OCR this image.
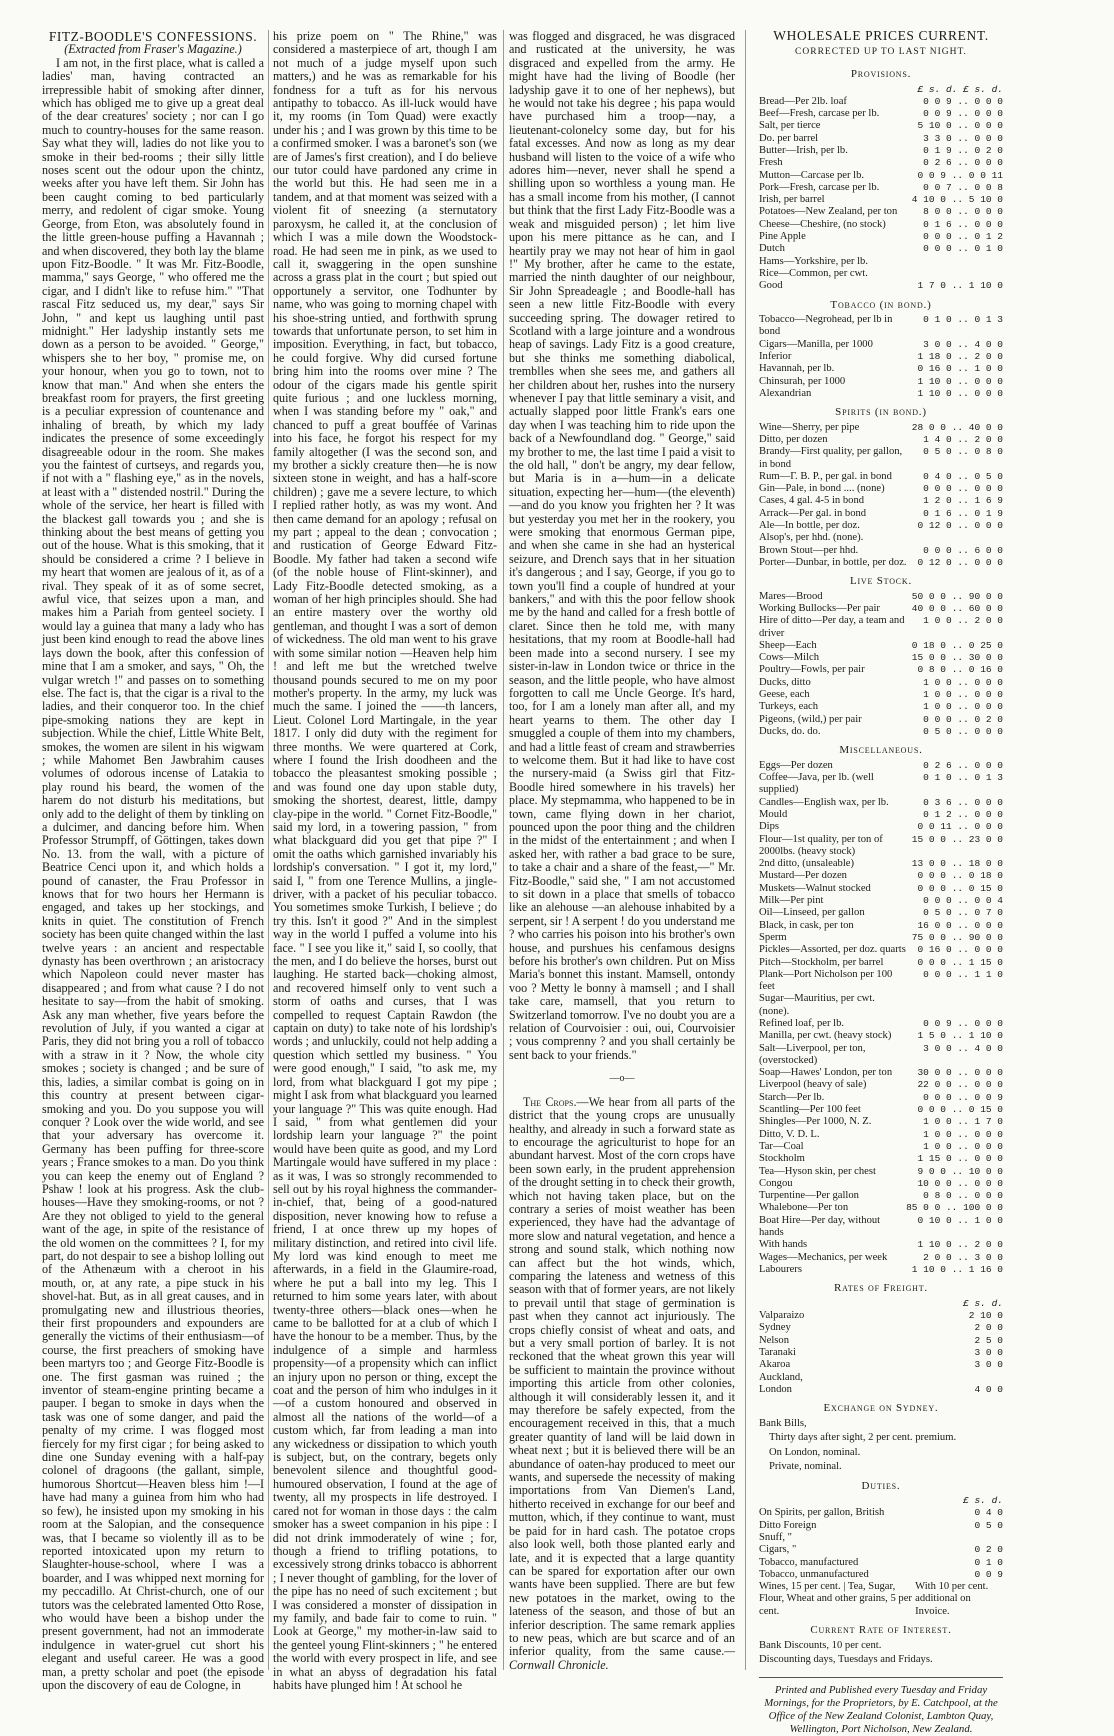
FITZ-BOODLE'S CONFESSIONS.

(Extracted from Fraser's Magazine.)

I am not, in the first place, what is called a ladies' man, having contracted an irrepressible habit of smoking after dinner, which has obliged me to give up a great deal of the dear creatures' society ; nor can I go much to country-houses for the same reason. Say what they will, ladies do not like you to smoke in their bed-rooms ; their silly little noses scent out the odour upon the chintz, weeks after you have left them. Sir John has been caught coming to bed particularly merry, and redolent of cigar smoke. Young George, from Eton, was absolutely found in the little green-house puffing a Havannah ; and when discovered, they both lay the blame upon Fitz-Boodle. " It was Mr. Fitz-Boodle, mamma," says George, " who offered me the cigar, and I didn't like to refuse him." "That rascal Fitz seduced us, my dear," says Sir John, " and kept us laughing until past midnight." Her ladyship instantly sets me down as a person to be avoided. " George," whispers she to her boy, " promise me, on your honour, when you go to town, not to know that man." And when she enters the breakfast room for prayers, the first greeting is a peculiar expression of countenance and inhaling of breath, by which my lady indicates the presence of some exceedingly disagreeable odour in the room. She makes you the faintest of curtseys, and regards you, if not with a " flashing eye," as in the novels, at least with a " distended nostril." During the whole of the service, her heart is filled with the blackest gall towards you ; and she is thinking about the best means of getting you out of the house. What is this smoking, that it should be considered a crime ? I believe in my heart that women are jealous of it, as of a rival. They speak of it as of some secret, awful vice, that seizes upon a man, and makes him a Pariah from genteel society. I would lay a guinea that many a lady who has just been kind enough to read the above lines lays down the book, after this confession of mine that I am a smoker, and says, " Oh, the vulgar wretch !" and passes on to something else. The fact is, that the cigar is a rival to the ladies, and their conqueror too. In the chief pipe-smoking nations they are kept in subjection. While the chief, Little White Belt, smokes, the women are silent in his wigwam ; while Mahomet Ben Jawbrahim causes volumes of odorous incense of Latakia to play round his beard, the women of the harem do not disturb his meditations, but only add to the delight of them by tinkling on a dulcimer, and dancing before him. When Professor Strumpff, of Göttingen, takes down No. 13. from the wall, with a picture of Beatrice Cenci upon it, and which holds a pound of canaster, the Frau Professor in knows that for two hours her Hermann is engaged, and takes up her stockings, and knits in quiet. The constitution of French society has been quite changed within the last twelve years : an ancient and respectable dynasty has been overthrown ; an aristocracy which Napoleon could never master has disappeared ; and from what cause ? I do not hesitate to say—from the habit of smoking. Ask any man whether, five years before the revolution of July, if you wanted a cigar at Paris, they did not bring you a roll of tobacco with a straw in it ? Now, the whole city smokes ; society is changed ; and be sure of this, ladies, a similar combat is going on in this country at present between cigar-smoking and you. Do you suppose you will conquer ? Look over the wide world, and see that your adversary has overcome it. Germany has been puffing for three-score years ; France smokes to a man. Do you think you can keep the enemy out of England ? Pshaw ! look at his progress. Ask the club-houses—Have they smoking-rooms, or not ? Are they not obliged to yield to the general want of the age, in spite of the resistance of the old women on the committees ? I, for my part, do not despair to see a bishop lolling out of the Athenæum with a cheroot in his mouth, or, at any rate, a pipe stuck in his shovel-hat. But, as in all great causes, and in promulgating new and illustrious theories, their first propounders and expounders are generally the victims of their enthusiasm—of course, the first preachers of smoking have been martyrs too ; and George Fitz-Boodle is one. The first gasman was ruined ; the inventor of steam-engine printing became a pauper. I began to smoke in days when the task was one of some danger, and paid the penalty of my crime. I was flogged most fiercely for my first cigar ; for being asked to dine one Sunday evening with a half-pay colonel of dragoons (the gallant, simple, humorous Shortcut—Heaven bless him !—I have had many a guinea from him who had so few), he insisted upon my smoking in his room at the Salopian, and the consequence was, that I became so violently ill as to be reported intoxicated upon my return to Slaughter-house-school, where I was a boarder, and I was whipped next morning for my peccadillo. At Christ-church, one of our tutors was the celebrated lamented Otto Rose, who would have been a bishop under the present government, had not an immoderate indulgence in water-gruel cut short his elegant and useful career. He was a good man, a pretty scholar and poet (the episode upon the discovery of eau de Cologne, in

his prize poem on " The Rhine," was considered a masterpiece of art, though I am not much of a judge myself upon such matters,) and he was as remarkable for his fondness for a tuft as for his nervous antipathy to tobacco. As ill-luck would have it, my rooms (in Tom Quad) were exactly under his ; and I was grown by this time to be a confirmed smoker. I was a baronet's son (we are of James's first creation), and I do believe our tutor could have pardoned any crime in the world but this. He had seen me in a tandem, and at that moment was seized with a violent fit of sneezing (a sternutatory paroxysm, he called it, at the conclusion of which I was a mile down the Woodstock-road. He had seen me in pink, as we used to call it, swaggering in the open sunshine across a grass plat in the court ; but spied out opportunely a servitor, one Todhunter by name, who was going to morning chapel with his shoe-string untied, and forthwith sprung towards that unfortunate person, to set him in imposition. Everything, in fact, but tobacco, he could forgive. Why did cursed fortune bring him into the rooms over mine ? The odour of the cigars made his gentle spirit quite furious ; and one luckless morning, when I was standing before my " oak," and chanced to puff a great bouffée of Varinas into his face, he forgot his respect for my family altogether (I was the second son, and my brother a sickly creature then—he is now sixteen stone in weight, and has a half-score children) ; gave me a severe lecture, to which I replied rather hotly, as was my wont. And then came demand for an apology ; refusal on my part ; appeal to the dean ; convocation ; and rustication of George Edward Fitz-Boodle. My father had taken a second wife (of the noble house of Flint-skinner), and Lady Fitz-Boodle detected smoking, as a woman of her high principles should. She had an entire mastery over the worthy old gentleman, and thought I was a sort of demon of wickedness. The old man went to his grave with some similar notion —Heaven help him ! and left me but the wretched twelve thousand pounds secured to me on my poor mother's property. In the army, my luck was much the same. I joined the ——th lancers, Lieut. Colonel Lord Martingale, in the year 1817. I only did duty with the regiment for three months. We were quartered at Cork, where I found the Irish doodheen and the tobacco the pleasantest smoking possible ; and was found one day upon stable duty, smoking the shortest, dearest, little, dampy clay-pipe in the world. " Cornet Fitz-Boodle," said my lord, in a towering passion, " from what blackguard did you get that pipe ?" I omit the oaths which garnished invariably his lordship's conversation. " I got it, my lord," said I, " from one Terence Mullins, a jingle-driver, with a packet of his peculiar tobacco. You sometimes smoke Turkish, I believe ; do try this. Isn't it good ?" And in the simplest way in the world I puffed a volume into his face. " I see you like it," said I, so coolly, that the men, and I do believe the horses, burst out laughing. He started back—choking almost, and recovered himself only to vent such a storm of oaths and curses, that I was compelled to request Captain Rawdon (the captain on duty) to take note of his lordship's words ; and unluckily, could not help adding a question which settled my business. " You were good enough," I said, "to ask me, my lord, from what blackguard I got my pipe ; might I ask from what blackguard you learned your language ?" This was quite enough. Had I said, " from what gentlemen did your lordship learn your language ?" the point would have been quite as good, and my Lord Martingale would have suffered in my place : as it was, I was so strongly recommended to sell out by his royal highness the commander-in-chief, that, being of a good-natured disposition, never knowing how to refuse a friend, I at once threw up my hopes of military distinction, and retired into civil life. My lord was kind enough to meet me afterwards, in a field in the Glaumire-road, where he put a ball into my leg. This I returned to him some years later, with about twenty-three others—black ones—when he came to be ballotted for at a club of which I have the honour to be a member. Thus, by the indulgence of a simple and harmless propensity—of a propensity which can inflict an injury upon no person or thing, except the coat and the person of him who indulges in it—of a custom honoured and observed in almost all the nations of the world—of a custom which, far from leading a man into any wickedness or dissipation to which youth is subject, but, on the contrary, begets only benevolent silence and thoughtful good-humoured observation, I found at the age of twenty, all my prospects in life destroyed. I cared not for woman in those days : the calm smoker has a sweet companion in his pipe : I did not drink immoderately of wine ; for, though a friend to trifling potations, to excessively strong drinks tobacco is abhorrent ; I never thought of gambling, for the lover of the pipe has no need of such excitement ; but I was considered a monster of dissipation in my family, and bade fair to come to ruin. " Look at George," my mother-in-law said to the genteel young Flint-skinners ; " he entered the world with every prospect in life, and see in what an abyss of degradation his fatal habits have plunged him ! At school he

was flogged and disgraced, he was disgraced and rusticated at the university, he was disgraced and expelled from the army. He might have had the living of Boodle (her ladyship gave it to one of her nephews), but he would not take his degree ; his papa would have purchased him a troop—nay, a lieutenant-colonelcy some day, but for his fatal excesses. And now as long as my dear husband will listen to the voice of a wife who adores him—never, never shall he spend a shilling upon so worthless a young man. He has a small income from his mother, (I cannot but think that the first Lady Fitz-Boodle was a weak and misguided person) ; let him live upon his mere pittance as he can, and I heartily pray we may not hear of him in gaol !" My brother, after he came to the estate, married the ninth daughter of our neighbour, Sir John Spreadeagle ; and Boodle-hall has seen a new little Fitz-Boodle with every succeeding spring. The dowager retired to Scotland with a large jointure and a wondrous heap of savings. Lady Fitz is a good creature, but she thinks me something diabolical, tremblles when she sees me, and gathers all her children about her, rushes into the nursery whenever I pay that little seminary a visit, and actually slapped poor little Frank's ears one day when I was teaching him to ride upon the back of a Newfoundland dog. " George," said my brother to me, the last time I paid a visit to the old hall, " don't be angry, my dear fellow, but Maria is in a—hum—in a delicate situation, expecting her—hum—(the eleventh) —and do you know you frighten her ? It was but yesterday you met her in the rookery, you were smoking that enormous German pipe, and when she came in she had an hysterical seizure, and Drench says that in her situation it's dangerous ; and I say, George, if you go to town you'll find a couple of hundred at your bankers," and with this the poor fellow shook me by the hand and called for a fresh bottle of claret. Since then he told me, with many hesitations, that my room at Boodle-hall had been made into a second nursery. I see my sister-in-law in London twice or thrice in the season, and the little people, who have almost forgotten to call me Uncle George. It's hard, too, for I am a lonely man after all, and my heart yearns to them. The other day I smuggled a couple of them into my chambers, and had a little feast of cream and strawberries to welcome them. But it had like to have cost the nursery-maid (a Swiss girl that Fitz-Boodle hired somewhere in his travels) her place. My stepmamma, who happened to be in town, came flying down in her chariot, pounced upon the poor thing and the children in the midst of the entertainment ; and when I asked her, with rather a bad grace to be sure, to take a chair and a share of the feast,—" Mr. Fitz-Boodle," said she, " I am not accustomed to sit down in a place that smells of tobacco like an alehouse —an alehouse inhabited by a serpent, sir ! A serpent ! do you understand me ? who carries his poison into his brother's own house, and purshues his cenfamous designs before his brother's own children. Put on Miss Maria's bonnet this instant. Mamsell, ontondy voo ? Metty le bonny à mamsell ; and I shall take care, mamsell, that you return to Switzerland tomorrow. I've no doubt you are a relation of Courvoisier : oui, oui, Courvoisier ; vous comprenny ? and you shall certainly be sent back to your friends."

—o—

The Crops.—We hear from all parts of the district that the young crops are unusually healthy, and already in such a forward state as to encourage the agriculturist to hope for an abundant harvest. Most of the corn crops have been sown early, in the prudent apprehension of the drought setting in to check their growth, which not having taken place, but on the contrary a series of moist weather has been experienced, they have had the advantage of more slow and natural vegetation, and hence a strong and sound stalk, which nothing now can affect but the hot winds, which, comparing the lateness and wetness of this season with that of former years, are not likely to prevail until that stage of germination is past when they cannot act injuriously. The crops chiefly consist of wheat and oats, and but a very small portion of barley. It is not reckoned that the wheat grown this year will be sufficient to maintain the province without importing this article from other colonies, although it will considerably lessen it, and it may therefore be safely expected, from the encouragement received in this, that a much greater quantity of land will be laid down in wheat next ; but it is believed there will be an abundance of oaten-hay produced to meet our wants, and supersede the necessity of making importations from Van Diemen's Land, hitherto received in exchange for our beef and mutton, which, if they continue to want, must be paid for in hard cash. The potatoe crops also look well, both those planted early and late, and it is expected that a large quantity can be spared for exportation after our own wants have been supplied. There are but few new potatoes in the market, owing to the lateness of the season, and those of but an inferior description. The same remark applies to new peas, which are but scarce and of an inferior quality, from the same cause.—Cornwall Chronicle.

WHOLESALE PRICES CURRENT.
CORRECTED UP TO LAST NIGHT.
Provisions.
	£ s. d. £ s. d.
Bread—Per 2lb. loaf	0 0 9 .. 0 0 0
Beef—Fresh, carcase per lb.	0 0 9 .. 0 0 0
Salt, per tierce	5 10 0 .. 0 0 0
Do. per barrel	3 3 0 .. 0 0 0
Butter—Irish, per lb.	0 1 9 .. 0 2 0
Fresh	0 2 6 .. 0 0 0
Mutton—Carcase per lb.	0 0 9 .. 0 0 11
Pork—Fresh, carcase per lb.	0 0 7 .. 0 0 8
Irish, per barrel	4 10 0 .. 5 10 0
Potatoes—New Zealand, per ton	8 0 0 .. 0 0 0
Cheese—Cheshire, (no stock)	0 1 6 .. 0 0 0
Pine Apple	0 0 0 .. 0 1 2
Dutch	0 0 0 .. 0 1 0
Hams—Yorkshire, per lb.	
Rice—Common, per cwt.	
Good	1 7 0 .. 1 10 0
Tobacco (in bond.)
Tobacco—Negrohead, per lb in bond	0 1 0 .. 0 1 3
Cigars—Manilla, per 1000	3 0 0 .. 4 0 0
Inferior	1 18 0 .. 2 0 0
Havannah, per lb.	0 16 0 .. 1 0 0
Chinsurah, per 1000	1 10 0 .. 0 0 0
Alexandrian	1 10 0 .. 0 0 0
Spirits (in bond.)
Wine—Sherry, per pipe	28 0 0 .. 40 0 0
Ditto, per dozen	1 4 0 .. 2 0 0
Brandy—First quality, per gallon, in bond	0 5 0 .. 0 8 0
Rum—Γ. B. P., per gal. in bond	0 4 0 .. 0 5 0
Gin—Pale, in bond .... (none)	0 0 0 .. 0 0 0
Cases, 4 gal. 4-5 in bond	1 2 0 .. 1 6 9
Arrack—Per gal. in bond	0 1 6 .. 0 1 9
Ale—In bottle, per doz.	0 12 0 .. 0 0 0
Alsop's, per hhd. (none).	
Brown Stout—per hhd.	0 0 0 .. 6 0 0
Porter—Dunbar, in bottle, per doz.	0 12 0 .. 0 0 0
Live Stock.
Mares—Brood	50 0 0 .. 90 0 0
Working Bullocks—Per pair	40 0 0 .. 60 0 0
Hire of ditto—Per day, a team and driver	1 0 0 .. 2 0 0
Sheep—Each	0 18 0 .. 0 25 0
Cows—Milch	15 0 0 .. 30 0 0
Poultry—Fowls, per pair	0 8 0 .. 0 16 0
Ducks, ditto	1 0 0 .. 0 0 0
Geese, each	1 0 0 .. 0 0 0
Turkeys, each	1 0 0 .. 0 0 0
Pigeons, (wild,) per pair	0 0 0 .. 0 2 0
Ducks, do. do.	0 5 0 .. 0 0 0
Miscellaneous.
Eggs—Per dozen	0 2 6 .. 0 0 0
Coffee—Java, per lb. (well supplied)	0 1 0 .. 0 1 3
Candles—English wax, per lb.	0 3 6 .. 0 0 0
Mould	0 1 2 .. 0 0 0
Dips	0 0 11 .. 0 0 0
Flour—1st quality, per ton of 2000lbs. (heavy stock)	15 0 0 .. 23 0 0
2nd ditto, (unsaleable)	13 0 0 .. 18 0 0
Mustard—Per dozen	0 0 0 .. 0 18 0
Muskets—Walnut stocked	0 0 0 .. 0 15 0
Milk—Per pint	0 0 0 .. 0 0 4
Oil—Linseed, per gallon	0 5 0 .. 0 7 0
Black, in cask, per ton	16 0 0 .. 0 0 0
Sperm	75 0 0 .. 90 0 0
Pickles—Assorted, per doz. quarts	0 16 0 .. 0 0 0
Pitch—Stockholm, per barrel	0 0 0 .. 1 15 0
Plank—Port Nicholson per 100 feet	0 0 0 .. 1 1 0
Sugar—Mauritius, per cwt. (none).	
Refined loaf, per lb.	0 0 9 .. 0 0 0
Manilla, per cwt. (heavy stock)	1 5 0 .. 1 10 0
Salt—Liverpool, per ton, (overstocked)	3 0 0 .. 4 0 0
Soap—Hawes' London, per ton	30 0 0 .. 0 0 0
Liverpool (heavy of sale)	22 0 0 .. 0 0 0
Starch—Per lb.	0 0 0 .. 0 0 9
Scantling—Per 100 feet	0 0 0 .. 0 15 0
Shingles—Per 1000, N. Z.	1 0 0 .. 1 7 0
Ditto, V. D. L.	1 0 0 .. 0 0 0
Tar—Coal	1 0 0 .. 0 0 0
Stockholm	1 15 0 .. 0 0 0
Tea—Hyson skin, per chest	9 0 0 .. 10 0 0
Congou	10 0 0 .. 0 0 0
Turpentine—Per gallon	0 8 0 .. 0 0 0
Whalebone—Per ton	85 0 0 .. 100 0 0
Boat Hire—Per day, without hands	0 10 0 .. 1 0 0
With hands	1 10 0 .. 2 0 0
Wages—Mechanics, per week	2 0 0 .. 3 0 0
Labourers	1 10 0 .. 1 16 0
Rates of Freight.
	£ s. d.
Valparaizo	2 10 0
Sydney	2 0 0
Nelson	2 5 0
Taranaki	3 0 0
Akaroa	3 0 0
Auckland,	
London	4 0 0
Exchange on Sydney.
Bank Bills,
Thirty days after sight, 2 per cent. premium.
On London, nominal.
Private, nominal.
Duties.
	£ s. d.
On Spirits, per gallon, British	0 4 0
Ditto Foreign	0 5 0
Snuff, "	
Cigars, "	0 2 0
Tobacco, manufactured	0 1 0
Tobacco, unmanufactured	0 0 9
Wines, 15 per cent. | Tea, Sugar, Flour, Wheat and other grains, 5 per cent.	With 10 per cent. additional on Invoice.
Current Rate of Interest.
Bank Discounts, 10 per cent.
Discounting days, Tuesdays and Fridays.
Printed and Published every Tuesday and Friday Mornings, for the Proprietors, by E. Catchpool, at the Office of the New Zealand Colonist, Lambton Quay, Wellington, Port Nicholson, New Zealand.
